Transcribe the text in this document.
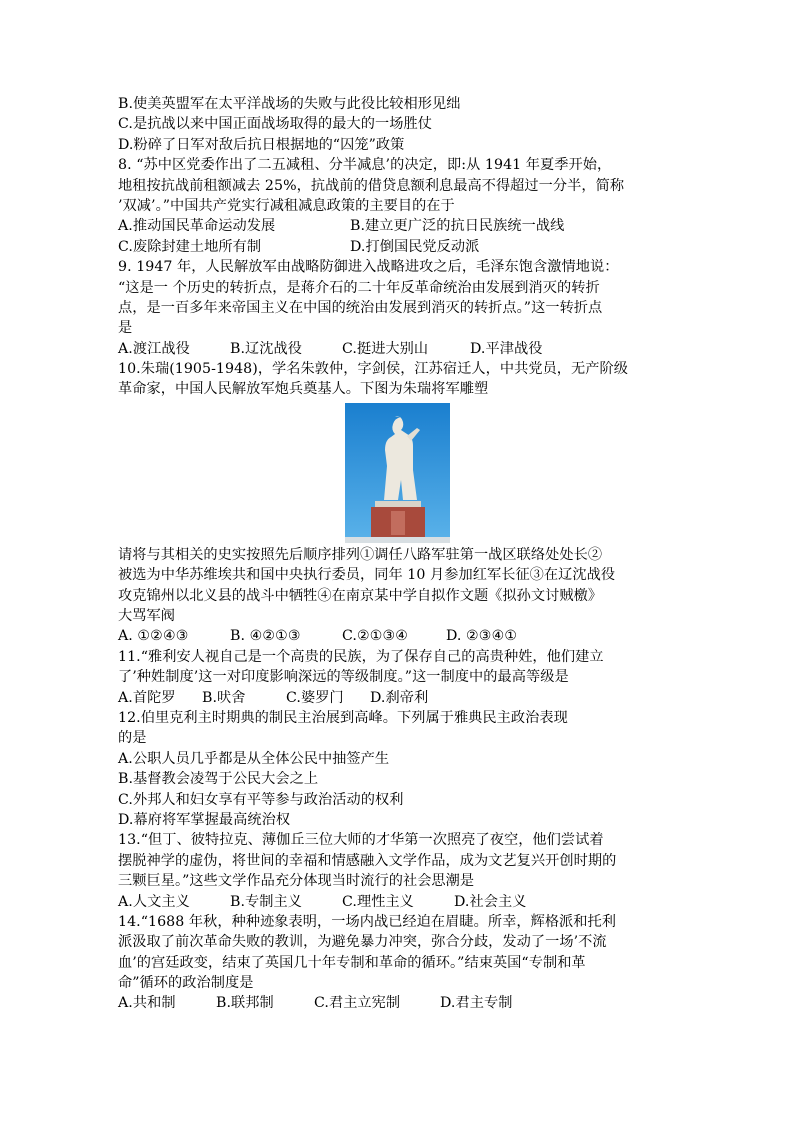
B.使美英盟军在太平洋战场的失败与此役比较相形见绌
C.是抗战以来中国正面战场取得的最大的一场胜仗
D.粉碎了日军对敌后抗日根据地的“囚笼”政策
8. “苏中区党委作出了二五减租、分半减息’的决定，即:从 1941 年夏季开始，
地租按抗战前租额减去 25%，抗战前的借贷息额利息最高不得超过一分半，简称
’双减’。”中国共产党实行减租减息政策的主要目的在于
A.推动国民革命运动发展	B.建立更广泛的抗日民族统一战线
C.废除封建土地所有制	D.打倒国民党反动派
9. 1947 年，人民解放军由战略防御进入战略进攻之后，毛泽东饱含激情地说：
“这是一 个历史的转折点，是蒋介石的二十年反革命统治由发展到消灭的转折
点，是一百多年来帝国主义在中国的统治由发展到消灭的转折点。”这一转折点
是
A.渡江战役	B.辽沈战役	C.挺进大别山	D.平津战役
10.朱瑞(1905-1948)，学名朱敦仲，字剑侯，江苏宿迁人，中共党员，无产阶级
革命家，中国人民解放军炮兵奠基人。下图为朱瑞将军雕塑
请将与其相关的史实按照先后顺序排列①调任八路军驻第一战区联络处处长②
被选为中华苏维埃共和国中央执行委员，同年 10 月参加红军长征③在辽沈战役
攻克锦州以北义县的战斗中牺牲④在南京某中学自拟作文题《拟孙文讨贼檄》
大骂军阀
A. ①②④③	B. ④②①③	C.②①③④	D. ②③④①
11.“雅利安人视自己是一个高贵的民族，为了保存自己的高贵种姓，他们建立
了’种姓制度’这一对印度影响深远的等级制度。”这一制度中的最高等级是
A.首陀罗	B.吠舍	C.婆罗门	D.刹帝利
12.伯里克利主时期典的制民主治展到高峰。下列属于雅典民主政治表现
的是
A.公职人员几乎都是从全体公民中抽签产生
B.基督教会凌驾于公民大会之上
C.外邦人和妇女享有平等参与政治活动的权利
D.幕府将军掌握最高统治权
13.“但丁、彼特拉克、薄伽丘三位大师的才华第一次照亮了夜空，他们尝试着
摆脱神学的虚伪，将世间的幸福和情感融入文学作品，成为文艺复兴开创时期的
三颗巨星。”这些文学作品充分体现当时流行的社会思潮是
A.人文主义	B.专制主义	C.理性主义	D.社会主义
14.“1688 年秋，种种迹象表明，一场内战已经迫在眉睫。所幸，辉格派和托利
派汲取了前次革命失败的教训，为避免暴力冲突，弥合分歧，发动了一场’不流
血’的宫廷政变，结束了英国几十年专制和革命的循环。”结束英国“专制和革
命”循环的政治制度是
A.共和制	B.联邦制	C.君主立宪制	D.君主专制
